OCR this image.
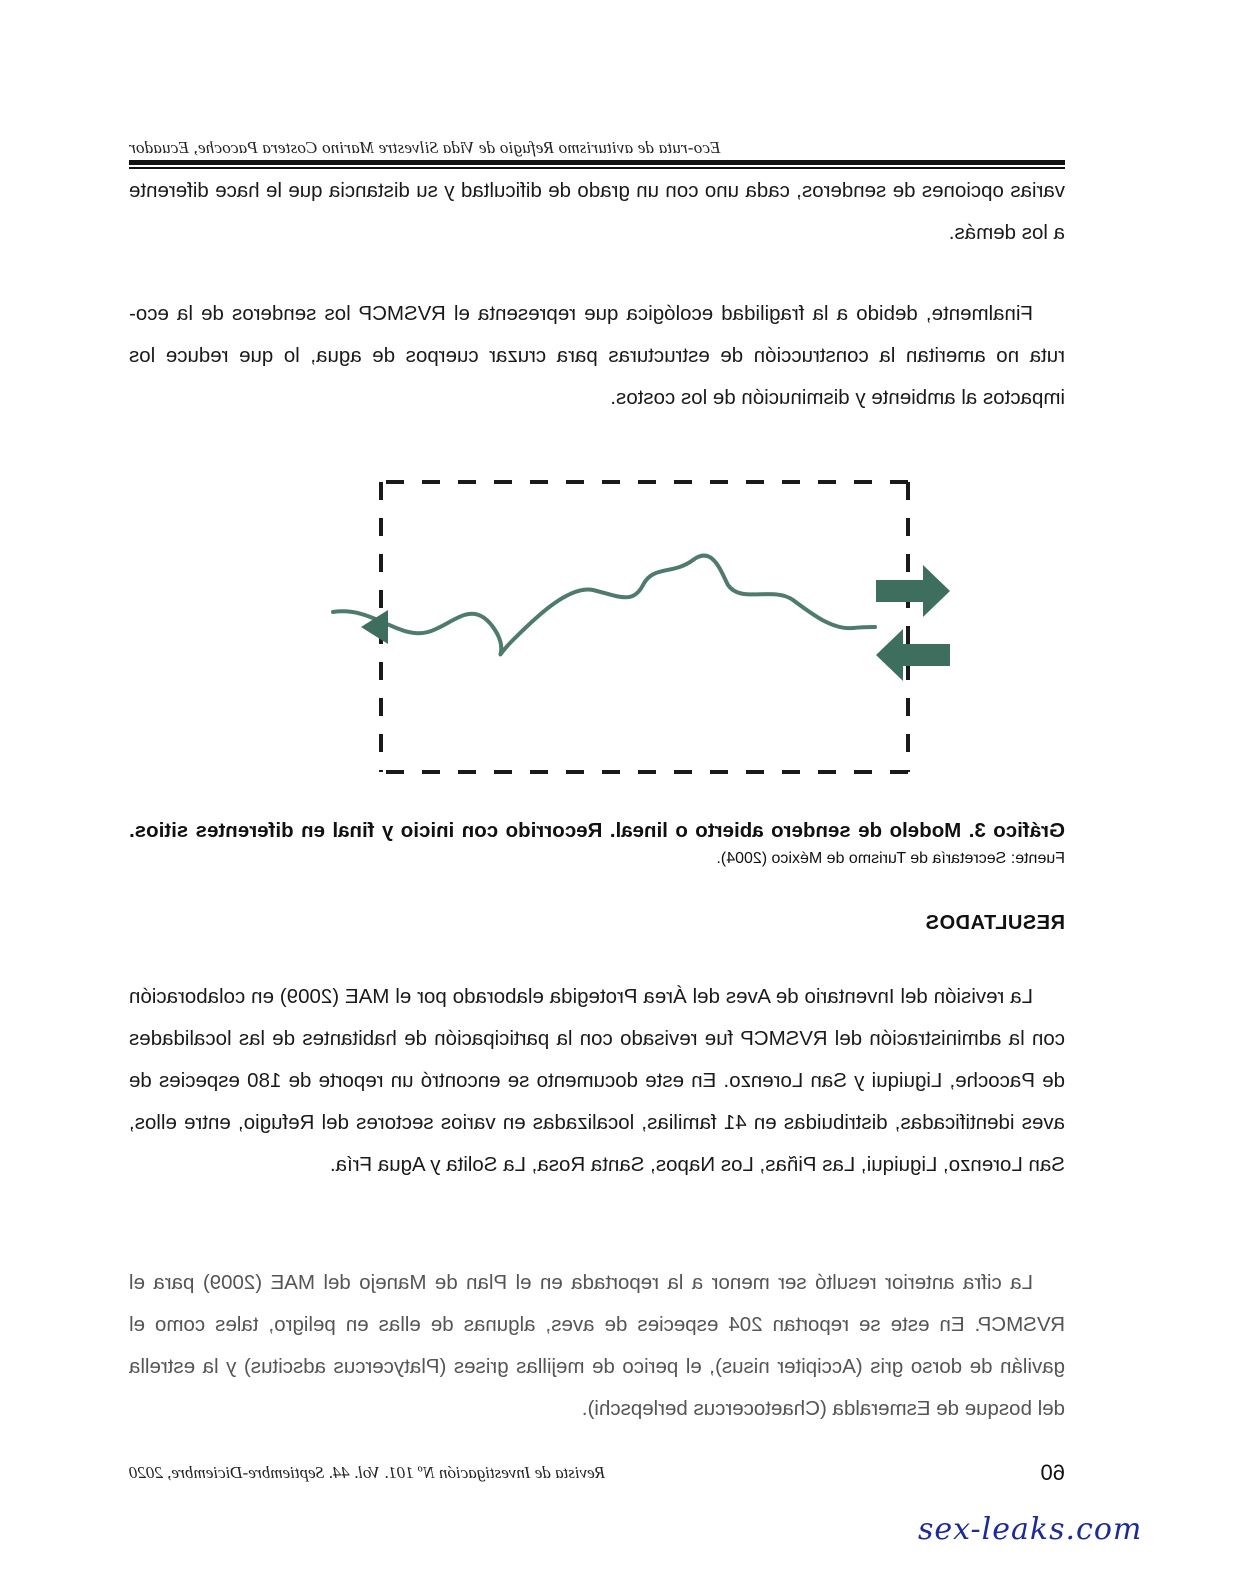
Eco-ruta de aviturismo Refugio de Vida Silvestre Marino Costera Pacoche, Ecuador

varias opciones de senderos, cada uno con un grado de dificultad y su distancia que le hace diferente a los demás.

Finalmente, debido a la fragilidad ecológica que representa el RVSMCP los senderos de la eco-ruta no ameritan la construcción de estructuras para cruzar cuerpos de agua, lo que reduce los impactos al ambiente y disminución de los costos.

Gráfico 3. Modelo de sendero abierto o lineal. Recorrido con inicio y final en diferentes sitios. Fuente: Secretaría de Turismo de México (2004).

RESULTADOS

La revisión del Inventario de Aves del Área Protegida elaborado por el MAE (2009) en colaboración con la administración del RVSMCP fue revisado con la participación de habitantes de las localidades de Pacoche, Liguiqui y San Lorenzo. En este documento se encontró un reporte de 180 especies de aves identificadas, distribuidas en 41 familias, localizadas en varios sectores del Refugio, entre ellos, San Lorenzo, Liguiqui, Las Piñas, Los Napos, Santa Rosa, La Solita y Agua Fría.

La cifra anterior resultó ser menor a la reportada en el Plan de Manejo del MAE (2009) para el RVSMCP. En este se reportan 204 especies de aves, algunas de ellas en peligro, tales como el gavilán de dorso gris (Accipiter nisus), el perico de mejillas grises (Platycercus adscitus) y la estrella del bosque de Esmeralda (Chaetocercus berlepschi).

60
Revista de Investigación Nº 101. Vol. 44. Septiembre-Diciembre, 2020
sex-leaks.com
